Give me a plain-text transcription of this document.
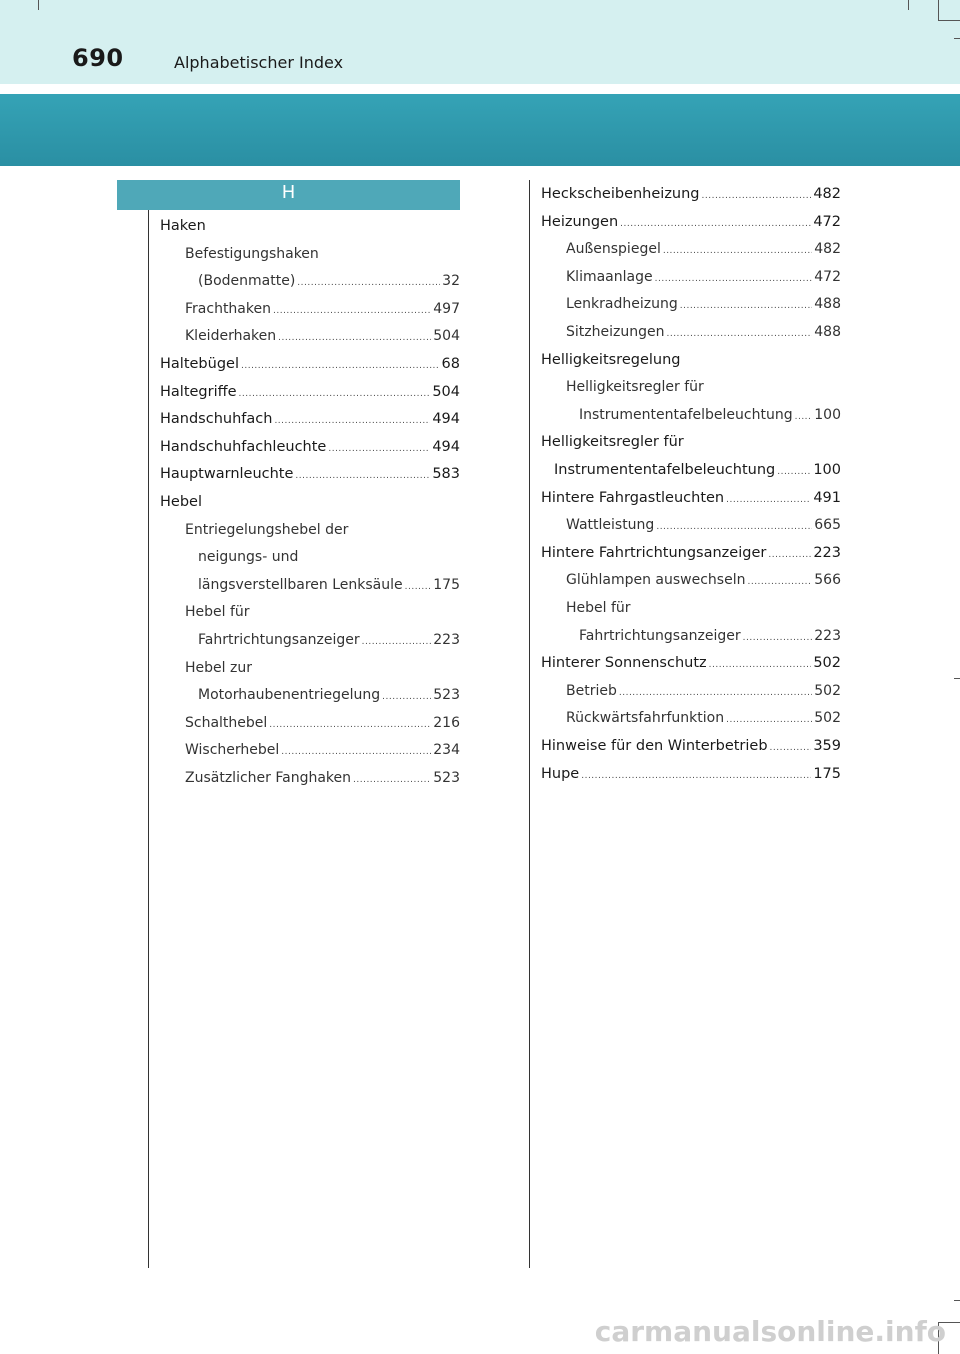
690	Alphabetischer Index
H
Haken
Befestigungshaken
(Bodenmatte) .....	32
Frachthaken .....	497
Kleiderhaken .....	504
Haltebügel .....	68
Haltegriffe .....	504
Handschuhfach .....	494
Handschuhfachleuchte .....	494
Hauptwarnleuchte .....	583
Hebel
Entriegelungshebel der
neigungs- und
längsverstellbaren Lenksäule ..... 175
Hebel für
Fahrtrichtungsanzeiger .....	223
Hebel zur
Motorhaubenentriegelung .....	523
Schalthebel .....	216
Wischerhebel .....	234
Zusätzlicher Fanghaken .....	523
Heckscheibenheizung .....	482
Heizungen .....	472
Außenspiegel .....	482
Klimaanlage .....	472
Lenkradheizung .....	488
Sitzheizungen .....	488
Helligkeitsregelung
Helligkeitsregler für
Instrumententafelbeleuchtung ..... 100
Helligkeitsregler für
Instrumententafelbeleuchtung .....	100
Hintere Fahrgastleuchten .....	491
Wattleistung .....	665
Hintere Fahrtrichtungsanzeiger .....	223
Glühlampen auswechseln .....	566
Hebel für
Fahrtrichtungsanzeiger .....	223
Hinterer Sonnenschutz .....	502
Betrieb .....	502
Rückwärtsfahrfunktion .....	502
Hinweise für den Winterbetrieb .....	359
Hupe .....	175
carmanualsonline.info
